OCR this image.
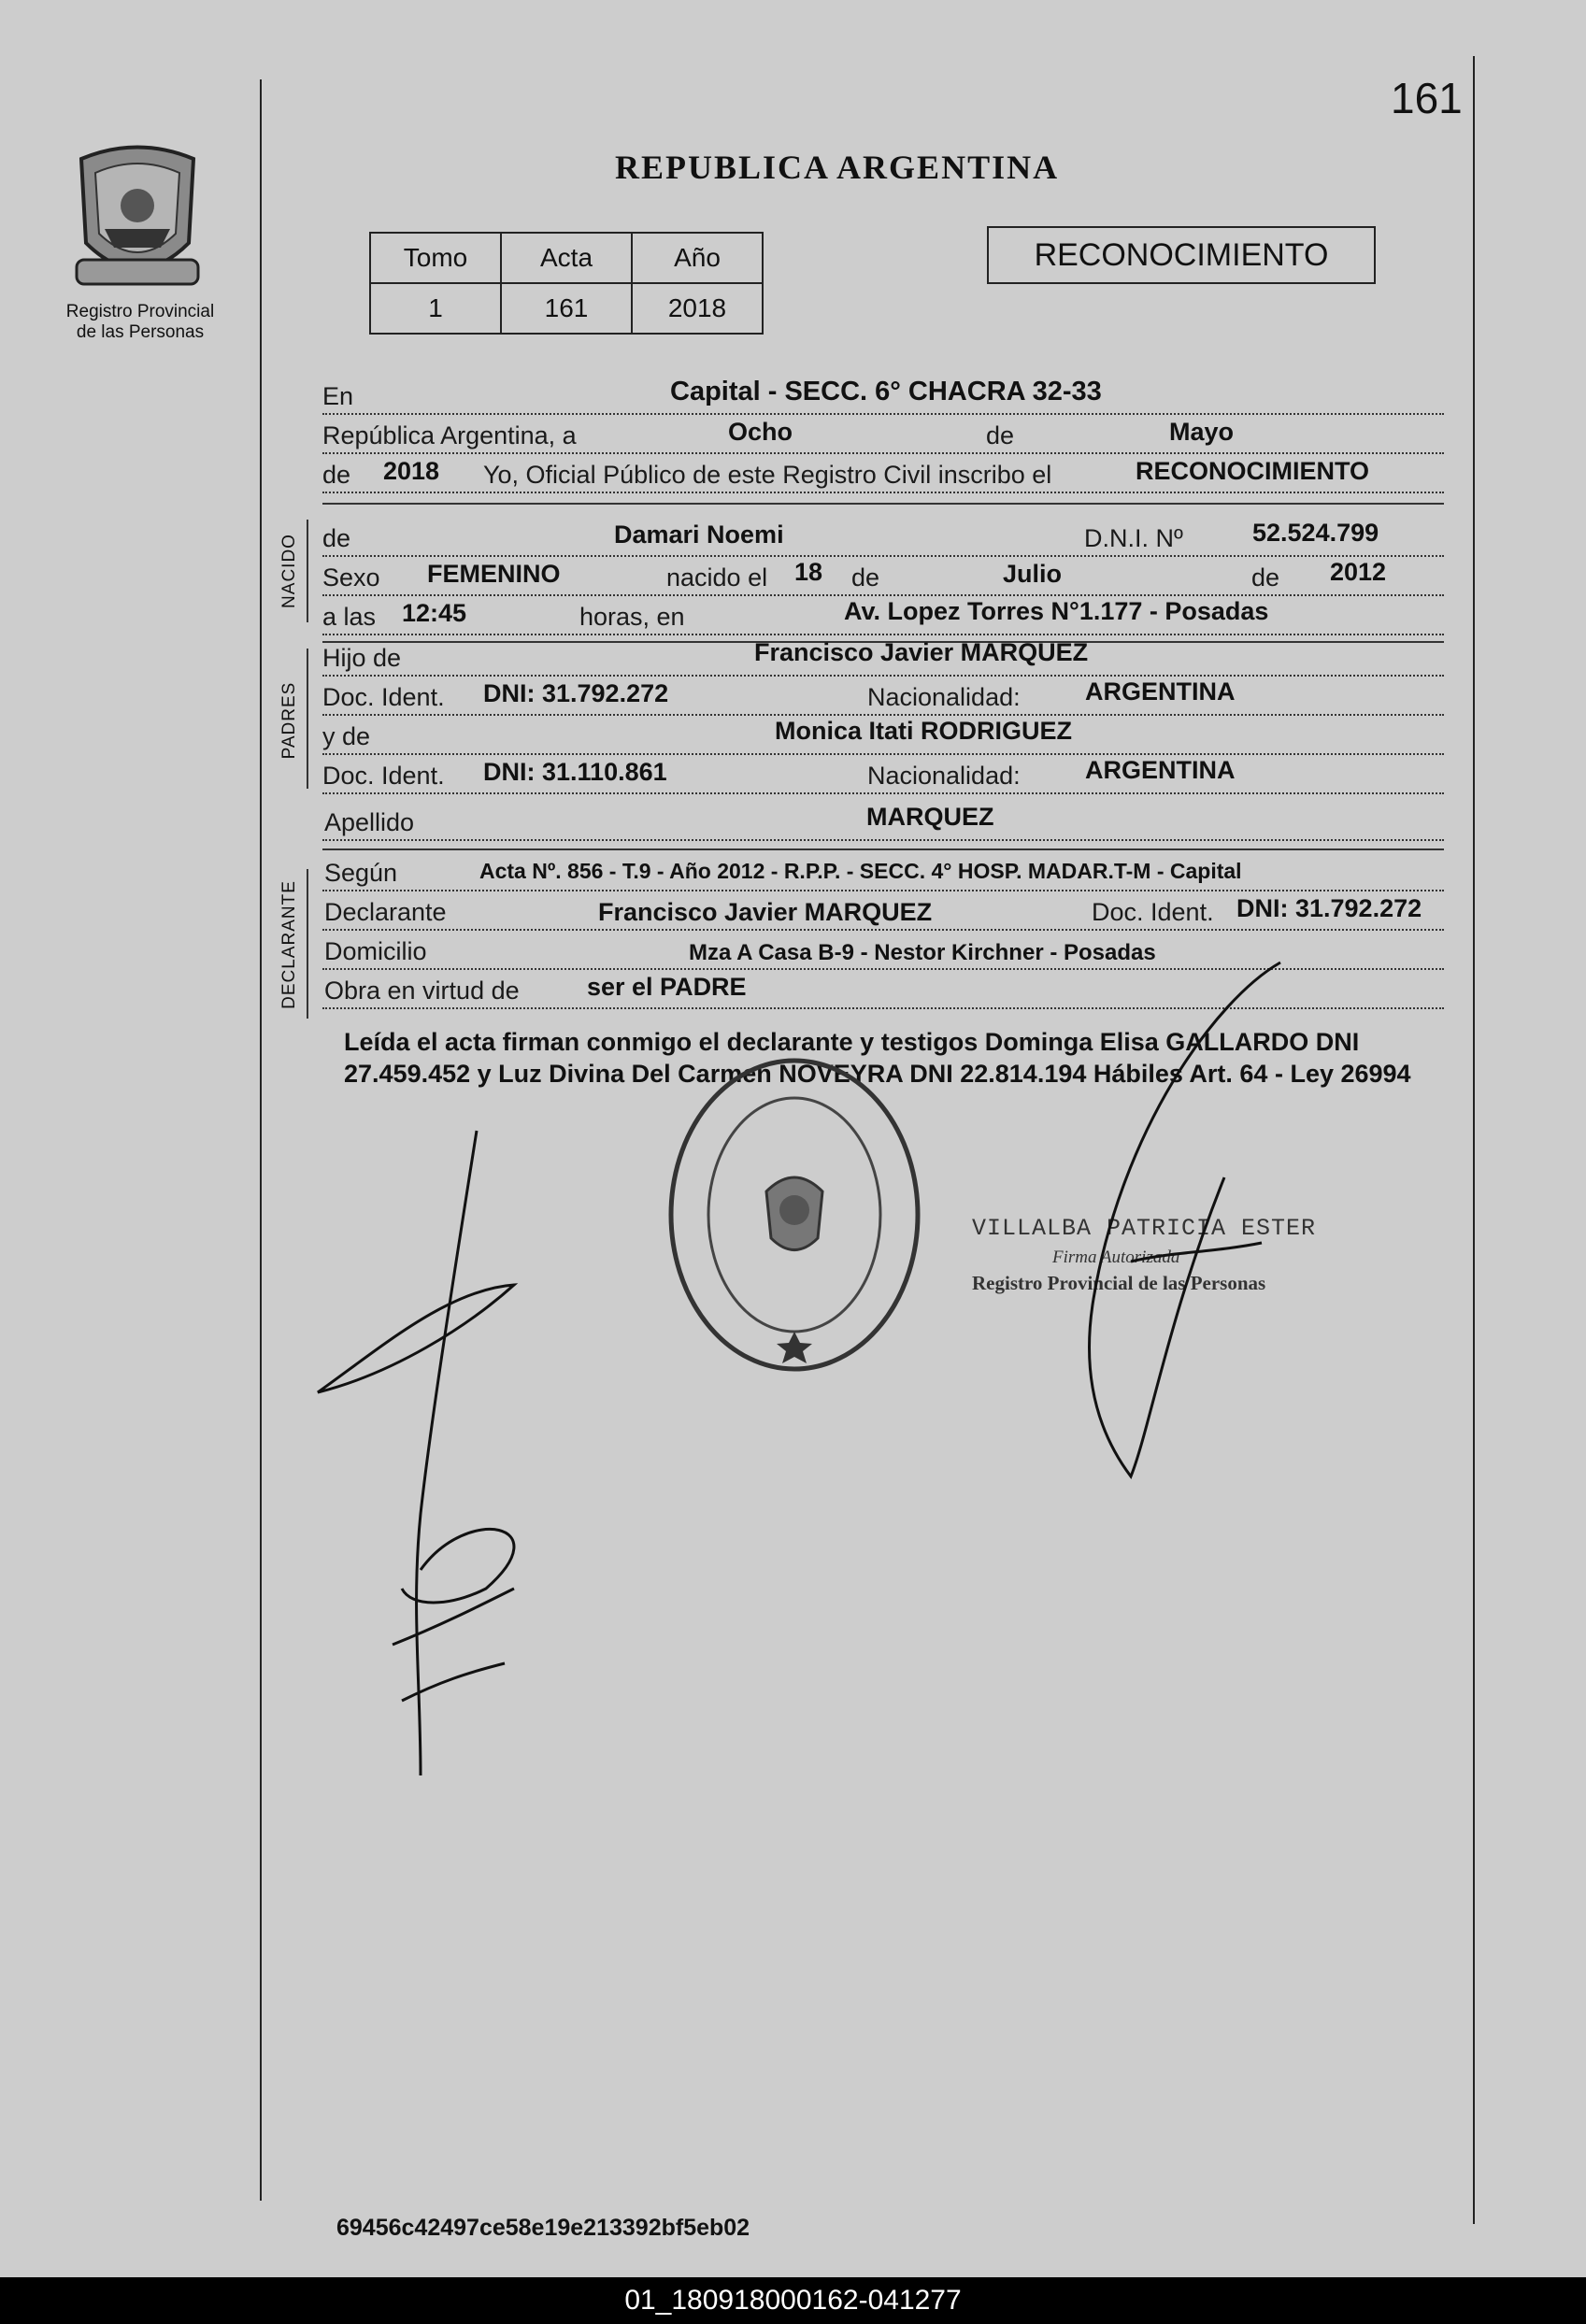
161
Registro Provincial
de las Personas
REPUBLICA ARGENTINA
Tomo	Acta	Año
1	161	2018
RECONOCIMIENTO
En	Capital - SECC. 6° CHACRA 32-33
República Argentina, a	Ocho	de	Mayo
de 2018 Yo, Oficial Público de este Registro Civil inscribo el	RECONOCIMIENTO
NACIDO de	Damari Noemi	D.N.I. Nº	52.524.799
Sexo FEMENINO	nacido el 18 de	Julio	de 2012
a las 12:45	horas, en	Av. Lopez Torres N°1.177 - Posadas
PADRES
Hijo de	Francisco Javier MARQUEZ
Doc. Ident. DNI: 31.792.272	Nacionalidad:	ARGENTINA
y de	Monica Itati RODRIGUEZ
Doc. Ident. DNI: 31.110.861	Nacionalidad:	ARGENTINA
Apellido	MARQUEZ
DECLARANTE
Según	Acta Nº. 856 - T.9 - Año 2012 - R.P.P. - SECC. 4° HOSP. MADAR.T-M - Capital
Declarante	Francisco Javier MARQUEZ	Doc. Ident. DNI: 31.792.272
Domicilio	Mza A Casa B-9 - Nestor Kirchner - Posadas
Obra en virtud de	ser el PADRE
Leída el acta firman conmigo el declarante y testigos Dominga Elisa GALLARDO DNI 27.459.452 y Luz Divina Del Carmen NOVEYRA DNI 22.814.194 Hábiles Art. 64 - Ley 26994
VILLALBA PATRICIA ESTER
Firma Autorizada
Registro Provincial de las Personas
69456c42497ce58e19e213392bf5eb02
01_180918000162-041277
